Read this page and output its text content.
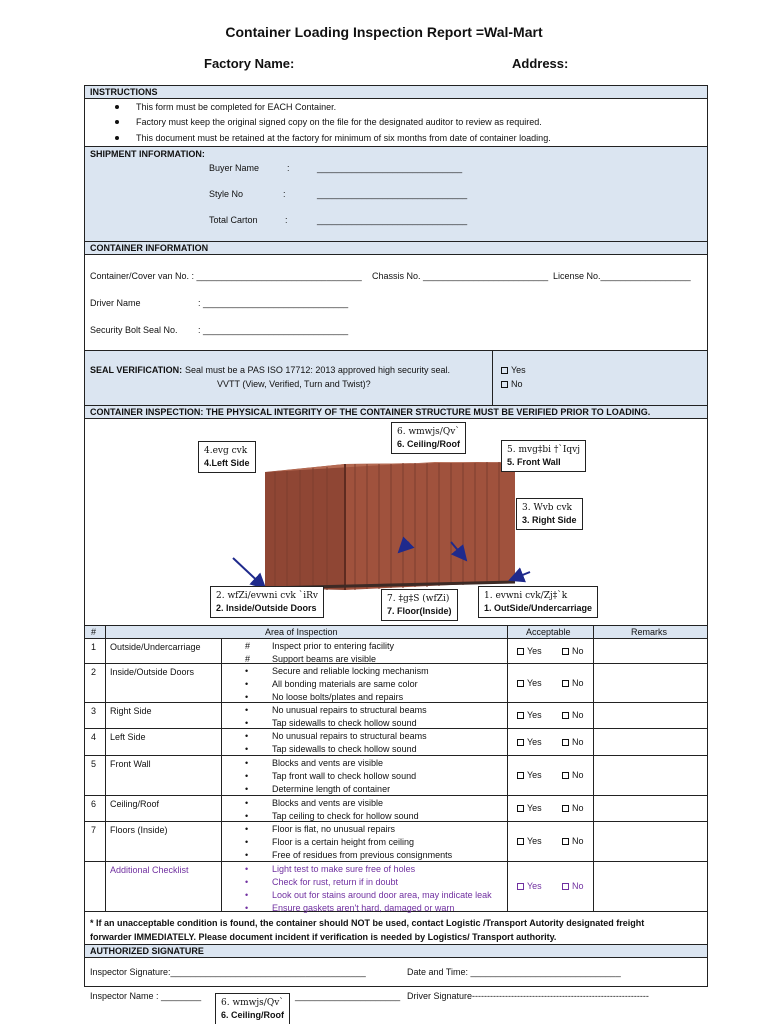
Container Loading Inspection Report =Wal-Mart
Factory Name:	Address:
INSTRUCTIONS
This form must be completed for EACH Container.
Factory must keep the original signed copy on the file for the designated auditor to review as required.
This document must be retained at the factory for minimum of six months from date of container loading.
SHIPMENT INFORMATION:
Buyer Name	:	_____________________________
Style No	:	______________________________
Total Carton	:	______________________________
CONTAINER INFORMATION
Container/Cover van No. : _________________________________ Chassis No. _________________________ License No.__________________
Driver Name	: _____________________________
Security Bolt Seal No. : _____________________________
SEAL VERIFICATION: Seal must be a PAS ISO 17712: 2013 approved high security seal.
VVTT (View, Verified, Turn and Twist)?
Yes
No
CONTAINER INSPECTION: THE PHYSICAL INTEGRITY OF THE CONTAINER STRUCTURE MUST BE VERIFIED PRIOR TO LOADING.
6. wmwjs/Qv`
6. Ceiling/Roof
4.evg cvk
4.Left Side
5. mvg‡bi †`Iqvj
5. Front Wall
3. Wvb cvk
3. Right Side
2. wfZi/evwni cvk `iRv
2. Inside/Outside Doors
7. ‡g‡S (wfZi)
7. Floor(Inside)
1. evwni cvk/Zj‡`k
1. OutSide/Undercarriage
#	Area of Inspection	Acceptable	Remarks
1 Outside/Undercarriage	# Inspect prior to entering facility
# Support beams are visible
Yes	No
2 Inside/Outside Doors	•	Secure and reliable locking mechanism
•	All bonding materials are same color
•	No loose bolts/plates and repairs
Yes	No
3 Right Side	•	No unusual repairs to structural beams
•	Tap sidewalls to check hollow sound
Yes	No
4 Left Side	•	No unusual repairs to structural beams
•	Tap sidewalls to check hollow sound
Yes	No
5 Front Wall	•	Blocks and vents are visible
•	Tap front wall to check hollow sound
•	Determine length of container
Yes	No
6 Ceiling/Roof	•	Blocks and vents are visible
•	Tap ceiling to check for hollow sound
Yes	No
7 Floors (Inside)	•	Floor is flat, no unusual repairs
•	Floor is a certain height from ceiling
•	Free of residues from previous consignments
Yes	No
Additional Checklist	•	Light test to make sure free of holes
•	Check for rust, return if in doubt
•	Look out for stains around door area, may indicate leak
•	Ensure gaskets aren't hard, damaged or warn
Yes	No
* If an unacceptable condition is found, the container should NOT be used, contact Logistic /Transport Autority designated freight
forwarder IMMEDIATELY. Please document incident if verification is needed by Logistics/ Transport authority.
AUTHORIZED SIGNATURE
Inspector Signature:_______________________________________	Date and Time: ______________________________
Inspector Name : ________	_____________________ Driver Signature-----------------------------------------------------------
6. wmwjs/Qv`
6. Ceiling/Roof
